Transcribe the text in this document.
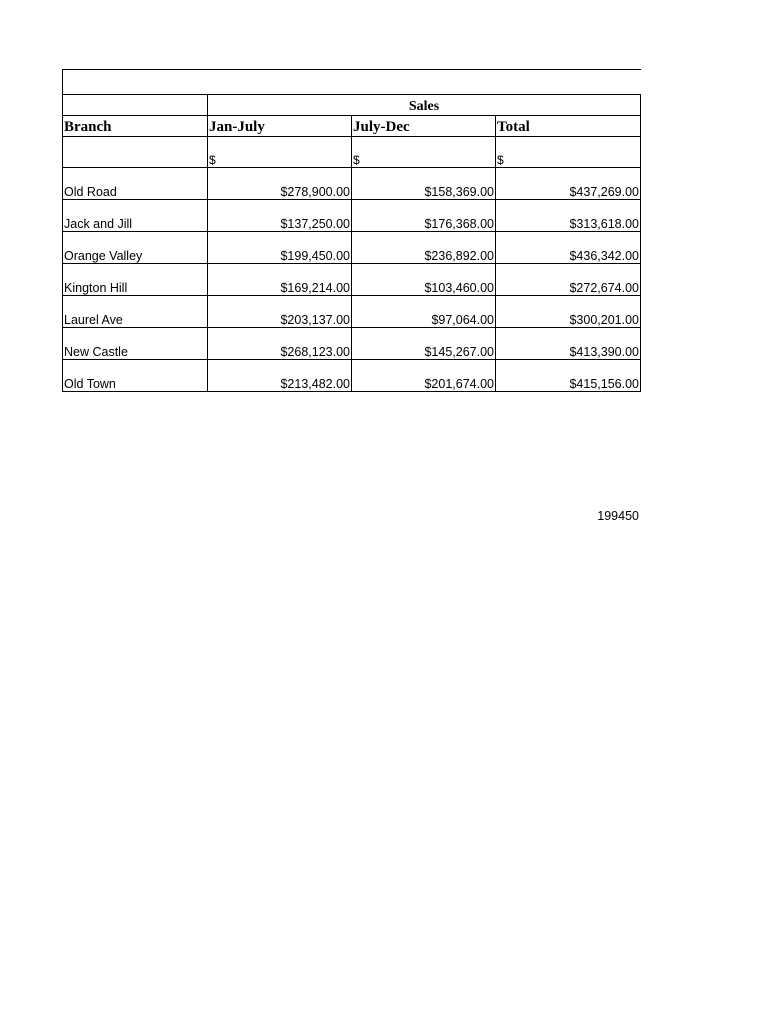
	Sales		
Branch	Jan-July	July-Dec	Total
	$	$	$
Old Road	$278,900.00	$158,369.00	$437,269.00
Jack and Jill	$137,250.00	$176,368.00	$313,618.00
Orange Valley	$199,450.00	$236,892.00	$436,342.00
Kington Hill	$169,214.00	$103,460.00	$272,674.00
Laurel Ave	$203,137.00	$97,064.00	$300,201.00
New Castle	$268,123.00	$145,267.00	$413,390.00
Old Town	$213,482.00	$201,674.00	$415,156.00
199450
